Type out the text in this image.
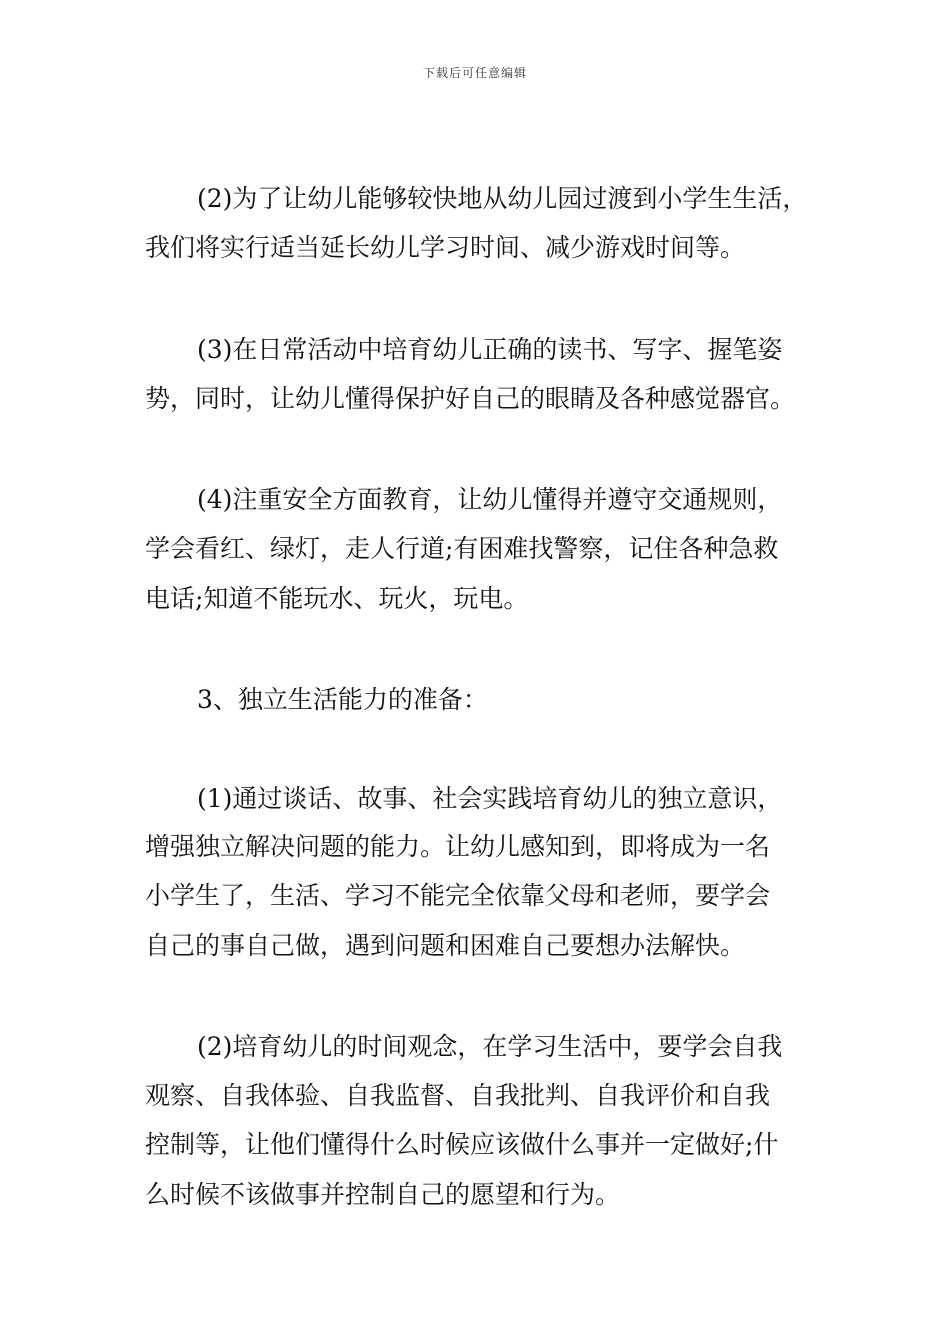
下载后可任意编辑
(2)为了让幼儿能够较快地从幼儿园过渡到小学生生活，
我们将实行适当延长幼儿学习时间、减少游戏时间等。
(3)在日常活动中培育幼儿正确的读书、写字、握笔姿
势，同时，让幼儿懂得保护好自己的眼睛及各种感觉器官。
(4)注重安全方面教育，让幼儿懂得并遵守交通规则，
学会看红、绿灯，走人行道;有困难找警察，记住各种急救
电话;知道不能玩水、玩火，玩电。
3、独立生活能力的准备：
(1)通过谈话、故事、社会实践培育幼儿的独立意识，
增强独立解决问题的能力。让幼儿感知到，即将成为一名
小学生了，生活、学习不能完全依靠父母和老师，要学会
自己的事自己做，遇到问题和困难自己要想办法解快。
(2)培育幼儿的时间观念，在学习生活中，要学会自我
观察、自我体验、自我监督、自我批判、自我评价和自我
控制等，让他们懂得什么时候应该做什么事并一定做好;什
么时候不该做事并控制自己的愿望和行为。
